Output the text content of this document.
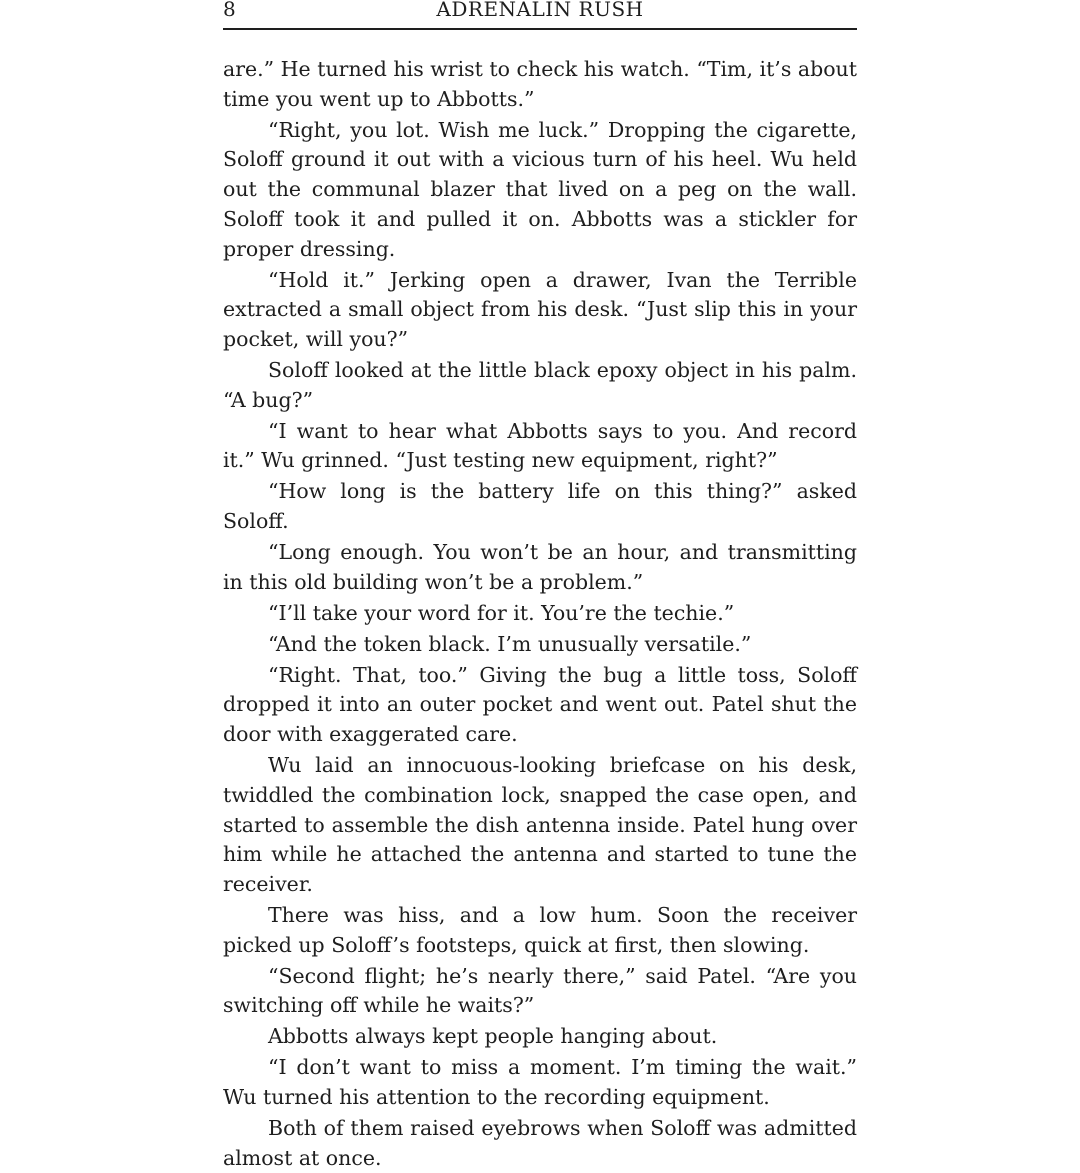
8	ADRENALIN RUSH

are.” He turned his wrist to check his watch. “Tim, it’s about time you went up to Abbotts.”

“Right, you lot. Wish me luck.” Dropping the cigarette, Soloff ground it out with a vicious turn of his heel. Wu held out the communal blazer that lived on a peg on the wall. Soloff took it and pulled it on. Abbotts was a stickler for proper dressing.

“Hold it.” Jerking open a drawer, Ivan the Terrible extracted a small object from his desk. “Just slip this in your pocket, will you?”

Soloff looked at the little black epoxy object in his palm. “A bug?”

“I want to hear what Abbotts says to you. And record it.” Wu grinned. “Just testing new equipment, right?”

“How long is the battery life on this thing?” asked Soloff.

“Long enough. You won’t be an hour, and transmitting in this old building won’t be a problem.”

“I’ll take your word for it. You’re the techie.”

“And the token black. I’m unusually versatile.”

“Right. That, too.” Giving the bug a little toss, Soloff dropped it into an outer pocket and went out. Patel shut the door with exaggerated care.

Wu laid an innocuous-looking briefcase on his desk, twiddled the combination lock, snapped the case open, and started to assemble the dish antenna inside. Patel hung over him while he attached the antenna and started to tune the receiver.

There was hiss, and a low hum. Soon the receiver picked up Soloff’s footsteps, quick at first, then slowing.

“Second flight; he’s nearly there,” said Patel. “Are you switching off while he waits?”

Abbotts always kept people hanging about.

“I don’t want to miss a moment. I’m timing the wait.” Wu turned his attention to the recording equipment.

Both of them raised eyebrows when Soloff was admitted almost at once.
